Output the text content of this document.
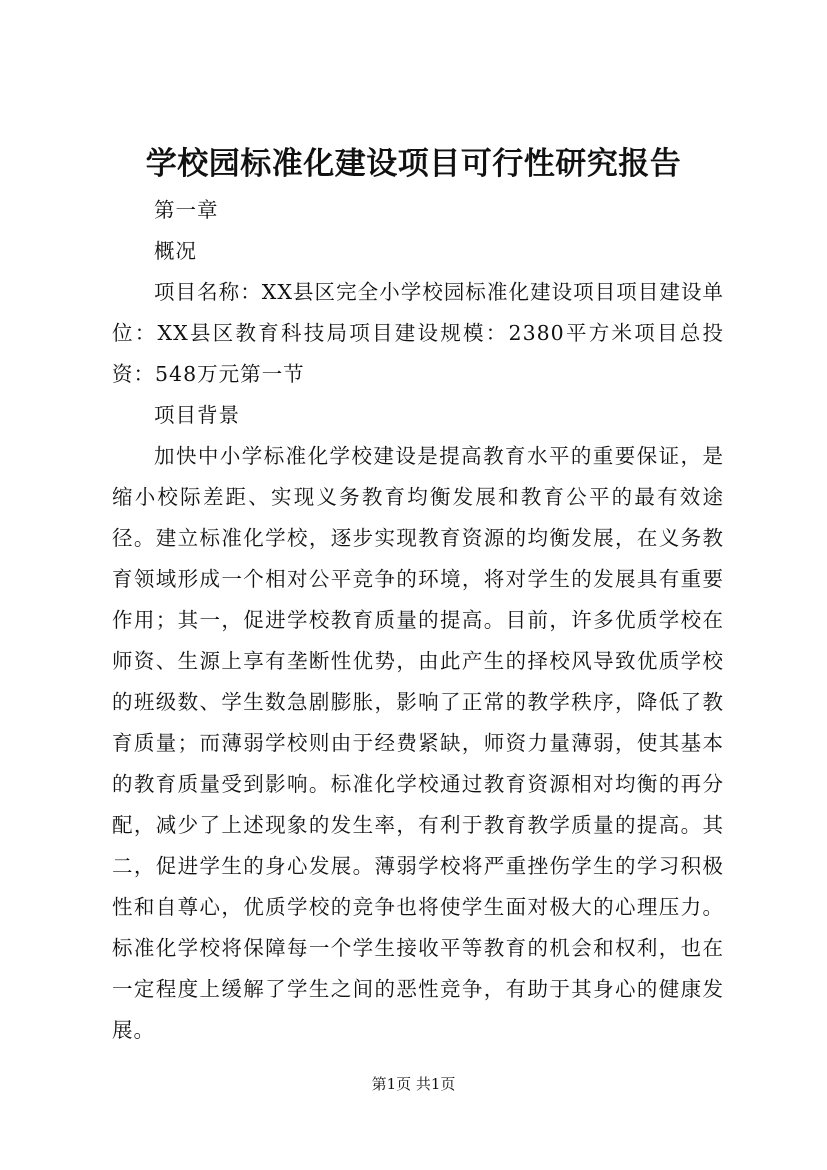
学校园标准化建设项目可行性研究报告

第一章

概况

项目名称：XX县区完全小学校园标准化建设项目项目建设单位：XX县区教育科技局项目建设规模：2380平方米项目总投资：548万元第一节

项目背景

加快中小学标准化学校建设是提高教育水平的重要保证，是缩小校际差距、实现义务教育均衡发展和教育公平的最有效途径。建立标准化学校，逐步实现教育资源的均衡发展，在义务教育领域形成一个相对公平竞争的环境，将对学生的发展具有重要作用；其一，促进学校教育质量的提高。目前，许多优质学校在师资、生源上享有垄断性优势，由此产生的择校风导致优质学校的班级数、学生数急剧膨胀，影响了正常的教学秩序，降低了教育质量；而薄弱学校则由于经费紧缺，师资力量薄弱，使其基本的教育质量受到影响。标准化学校通过教育资源相对均衡的再分配，减少了上述现象的发生率，有利于教育教学质量的提高。其二，促进学生的身心发展。薄弱学校将严重挫伤学生的学习积极性和自尊心，优质学校的竞争也将使学生面对极大的心理压力。标准化学校将保障每一个学生接收平等教育的机会和权利，也在一定程度上缓解了学生之间的恶性竞争，有助于其身心的健康发展。

第1页 共1页
